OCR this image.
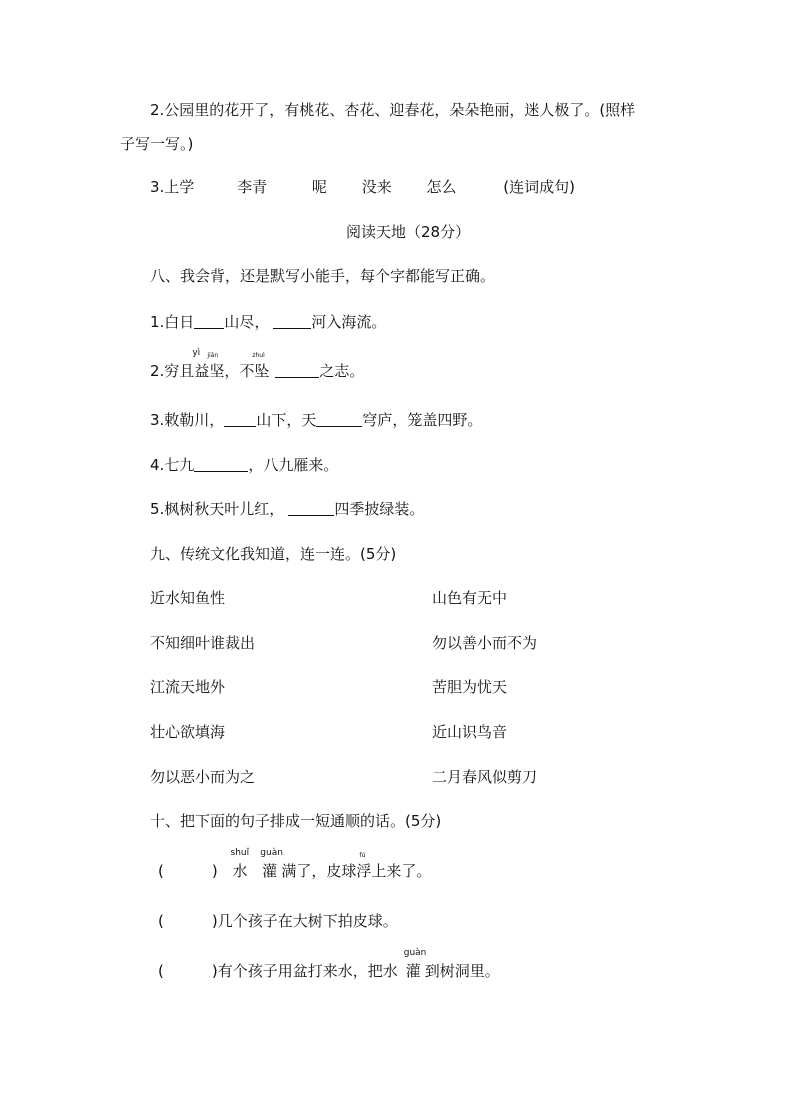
2.公园里的花开了，有桃花、杏花、迎春花，朵朵艳丽，迷人极了。(照样
子写一写。)
3.上学	李青	呢 没来 怎么	(连词成句)
阅读天地（28分）
八、我会背，还是默写小能手，每个字都能写正确。
1.白日 山尽，	河入海流。
2.穷且
yì
益
jiān
坚，不
zhuì
坠	之志。
3.敕勒川， 山下，天	穹庐，笼盖四野。
4.七九	，八九雁来。
5.枫树秋天叶儿红，	四季披绿装。
九、传统文化我知道，连一连。(5分)
近水知鱼性	山色有无中
不知细叶谁裁出	勿以善小而不为
江流天地外	苦胆为忧天
壮心欲填海	近山识鸟音
勿以恶小而为之	二月春风似剪刀
十、把下面的句子排成一短通顺的话。(5分)
(	)
shuǐ
水
guàn
灌 满了，皮球
fú
浮上来了。
(	)几个孩子在大树下拍皮球。
(	)有个孩子用盆打来水，把水
guàn
灌 到树洞里。
